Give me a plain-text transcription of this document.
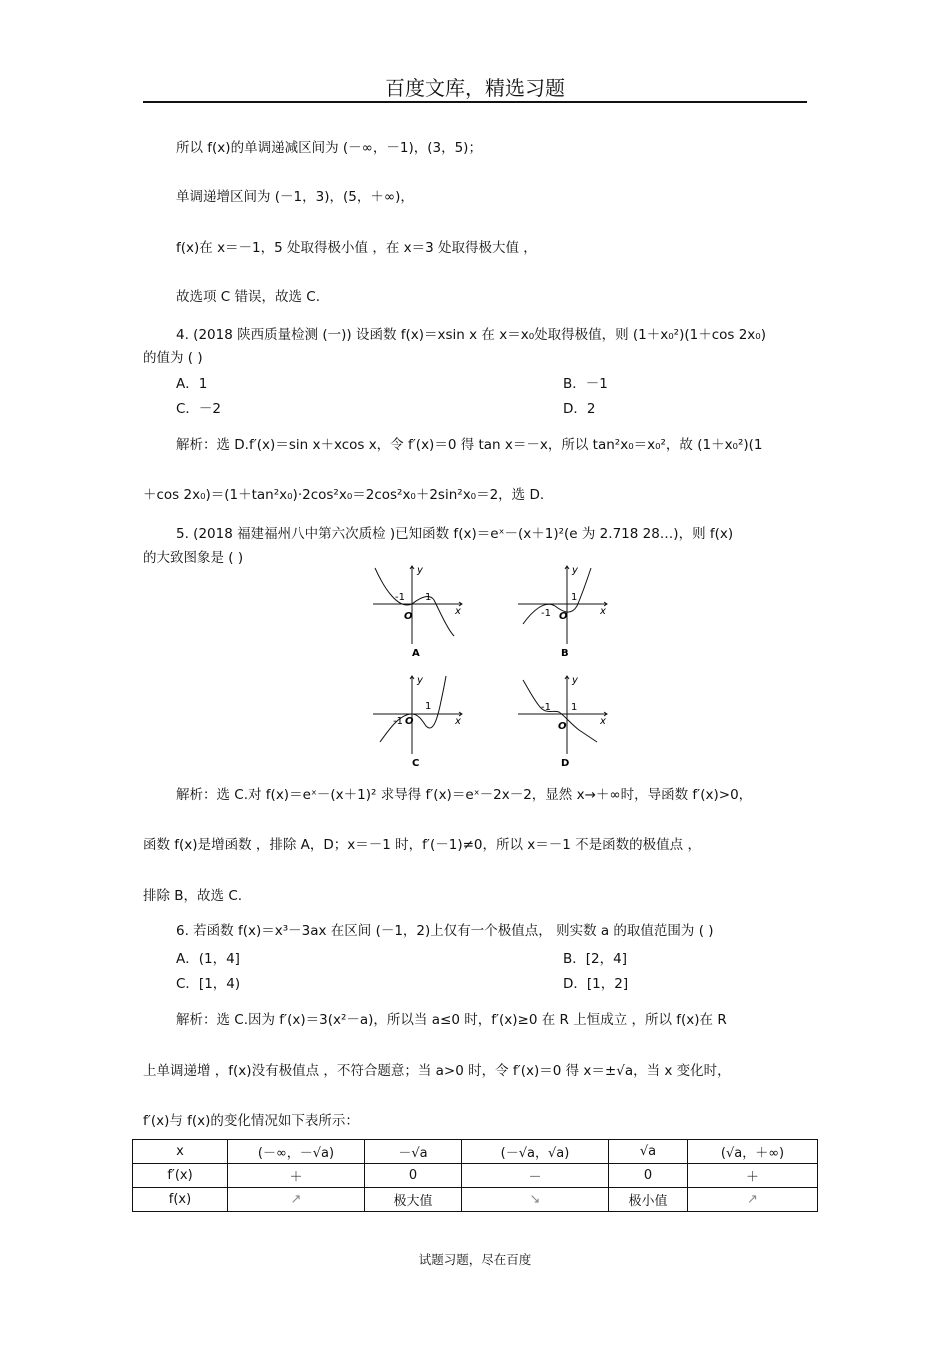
百度文库，精选习题
所以 f(x)的单调递减区间为 (－∞，－1)，(3，5)；
单调递增区间为 (－1，3)，(5，＋∞)，
f(x)在 x＝－1，5 处取得极小值 ，在 x＝3 处取得极大值 ，
故选项 C 错误，故选 C.
4. (2018 陕西质量检测 (一)) 设函数 f(x)＝xsin x 在 x＝x₀处取得极值，则 (1＋x₀²)(1＋cos 2x₀)
的值为 ( )
A．1	B．－1
C．－2	D．2
解析：选 D.f′(x)＝sin x＋xcos x，令 f′(x)＝0 得 tan x＝－x，所以 tan²x₀＝x₀²，故 (1＋x₀²)(1
＋cos 2x₀)＝(1＋tan²x₀)·2cos²x₀＝2cos²x₀＋2sin²x₀＝2，选 D.
5. (2018 福建福州八中第六次质检 )已知函数 f(x)＝eˣ－(x＋1)²(e 为 2.718 28…)，则 f(x)
的大致图象是 ( )
-1
O
1
x
y
A
-1 O
1
x
y
B
-1 O
1
x
y
C
-1
O
1
x
y
D
解析：选 C.对 f(x)＝eˣ－(x＋1)² 求导得 f′(x)＝eˣ－2x－2，显然 x→＋∞时，导函数 f′(x)>0，
函数 f(x)是增函数 ，排除 A，D；x＝－1 时，f′(－1)≠0，所以 x＝－1 不是函数的极值点 ，
排除 B，故选 C.
6. 若函数 f(x)＝x³－3ax 在区间 (－1，2)上仅有一个极值点， 则实数 a 的取值范围为 ( )
A．(1，4]	B．[2，4]
C．[1，4)	D．[1，2]
解析：选 C.因为 f′(x)＝3(x²－a)，所以当 a≤0 时，f′(x)≥0 在 R 上恒成立 ，所以 f(x)在 R
上单调递增 ，f(x)没有极值点 ，不符合题意；当 a>0 时，令 f′(x)＝0 得 x＝±√a，当 x 变化时，
f′(x)与 f(x)的变化情况如下表所示：
x	(－∞，－√a)	－√a	(－√a，√a)	√a	(√a，＋∞)
f′(x)	＋	0	－	0	＋
f(x)	↗	极大值	↘	极小值	↗
试题习题，尽在百度
